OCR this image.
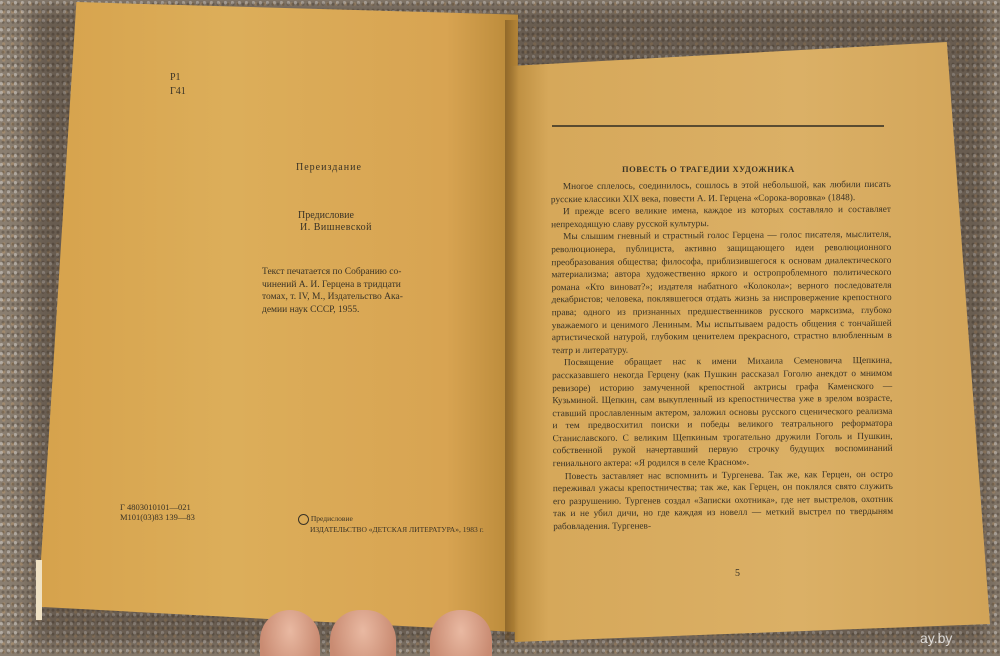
Р1
Г41
Переиздание
Предисловие
И. Вишневской
Текст печатается по Собранию со-
чинений А. И. Герцена в тридцати
томах, т. IV, М., Издательство Ака-
демии наук СССР, 1955.
Г 4803010101—021
М101(03)83 139—83	Предисловие
ИЗДАТЕЛЬСТВО «ДЕТСКАЯ ЛИТЕРАТУРА», 1983 г.
ПОВЕСТЬ О ТРАГЕДИИ ХУДОЖНИКА

Многое сплелось, соединилось, сошлось в этой небольшой, как любили писать русские классики XIX века, повести А. И. Герцена «Сорока-воровка» (1848).

И прежде всего великие имена, каждое из которых составляло и составляет непреходящую славу русской культуры.

Мы слышим гневный и страстный голос Герцена — голос писателя, мыслителя, революционера, публициста, активно защищающего идеи революционного преобразования общества; философа, приблизившегося к основам диалектического материализма; автора художественно яркого и остропроблемного политического романа «Кто виноват?»; издателя набатного «Колокола»; верного последователя декабристов; человека, поклявшегося отдать жизнь за ниспровержение крепостного права; одного из признанных предшественников русского марксизма, глубоко уважаемого и ценимого Лениным. Мы испытываем радость общения с тончайшей артистической натурой, глубоким ценителем прекрасного, страстно влюбленным в театр и литературу.

Посвящение обращает нас к имени Михаила Семеновича Щепкина, рассказавшего некогда Герцену (как Пушкин рассказал Гоголю анекдот о мнимом ревизоре) историю замученной крепостной актрисы графа Каменского — Кузьминой. Щепкин, сам выкупленный из крепостничества уже в зрелом возрасте, ставший прославленным актером, заложил основы русского сценического реализма и тем предвосхитил поиски и победы великого театрального реформатора Станиславского. С великим Щепкиным трогательно дружили Гоголь и Пушкин, собственной рукой начертавший первую строчку будущих воспоминаний гениального актера: «Я родился в селе Красном».

Повесть заставляет нас вспомнить и Тургенева. Так же, как Герцен, он остро переживал ужасы крепостничества; так же, как Герцен, он поклялся свято служить его разрушению. Тургенев создал «Записки охотника», где нет выстрелов, охотник так и не убил дичи, но где каждая из новелл — меткий выстрел по твердыням рабовладения. Тургенев-

5
ay.by
